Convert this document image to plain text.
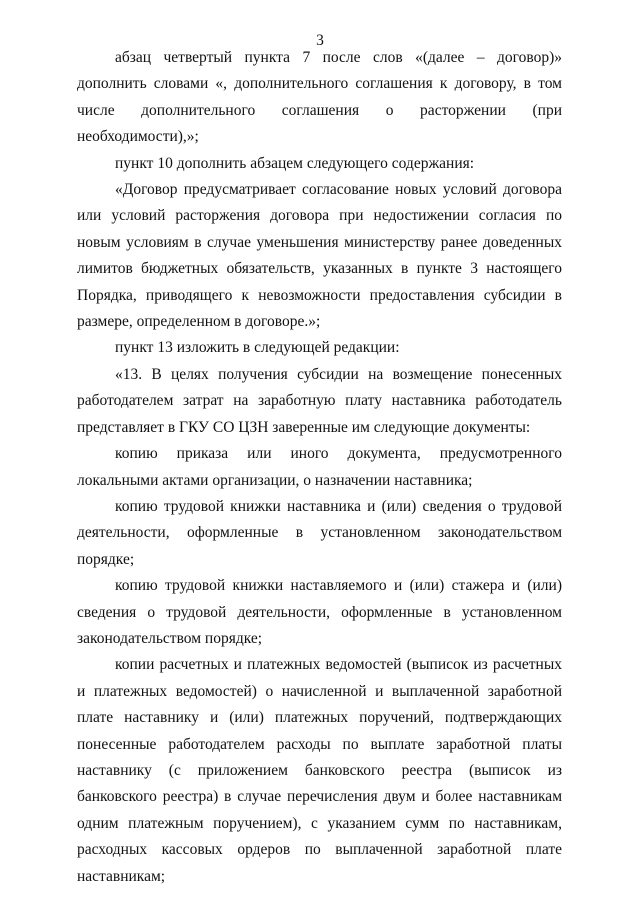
3

абзац четвертый пункта 7 после слов «(далее – договор)» дополнить словами «, дополнительного соглашения к договору, в том числе дополнительного соглашения о расторжении (при необходимости),»;

пункт 10 дополнить абзацем следующего содержания:

«Договор предусматривает согласование новых условий договора или условий расторжения договора при недостижении согласия по новым условиям в случае уменьшения министерству ранее доведенных лимитов бюджетных обязательств, указанных в пункте 3 настоящего Порядка, приводящего к невозможности предоставления субсидии в размере, определенном в договоре.»;

пункт 13 изложить в следующей редакции:

«13. В целях получения субсидии на возмещение понесенных работодателем затрат на заработную плату наставника работодатель представляет в ГКУ СО ЦЗН заверенные им следующие документы:

копию приказа или иного документа, предусмотренного локальными актами организации, о назначении наставника;

копию трудовой книжки наставника и (или) сведения о трудовой деятельности, оформленные в установленном законодательством порядке;

копию трудовой книжки наставляемого и (или) стажера и (или) сведения о трудовой деятельности, оформленные в установленном законодательством порядке;

копии расчетных и платежных ведомостей (выписок из расчетных и платежных ведомостей) о начисленной и выплаченной заработной плате наставнику и (или) платежных поручений, подтверждающих понесенные работодателем расходы по выплате заработной платы наставнику (с приложением банковского реестра (выписок из банковского реестра) в случае перечисления двум и более наставникам одним платежным поручением), с указанием сумм по наставникам, расходных кассовых ордеров по выплаченной заработной плате наставникам;
